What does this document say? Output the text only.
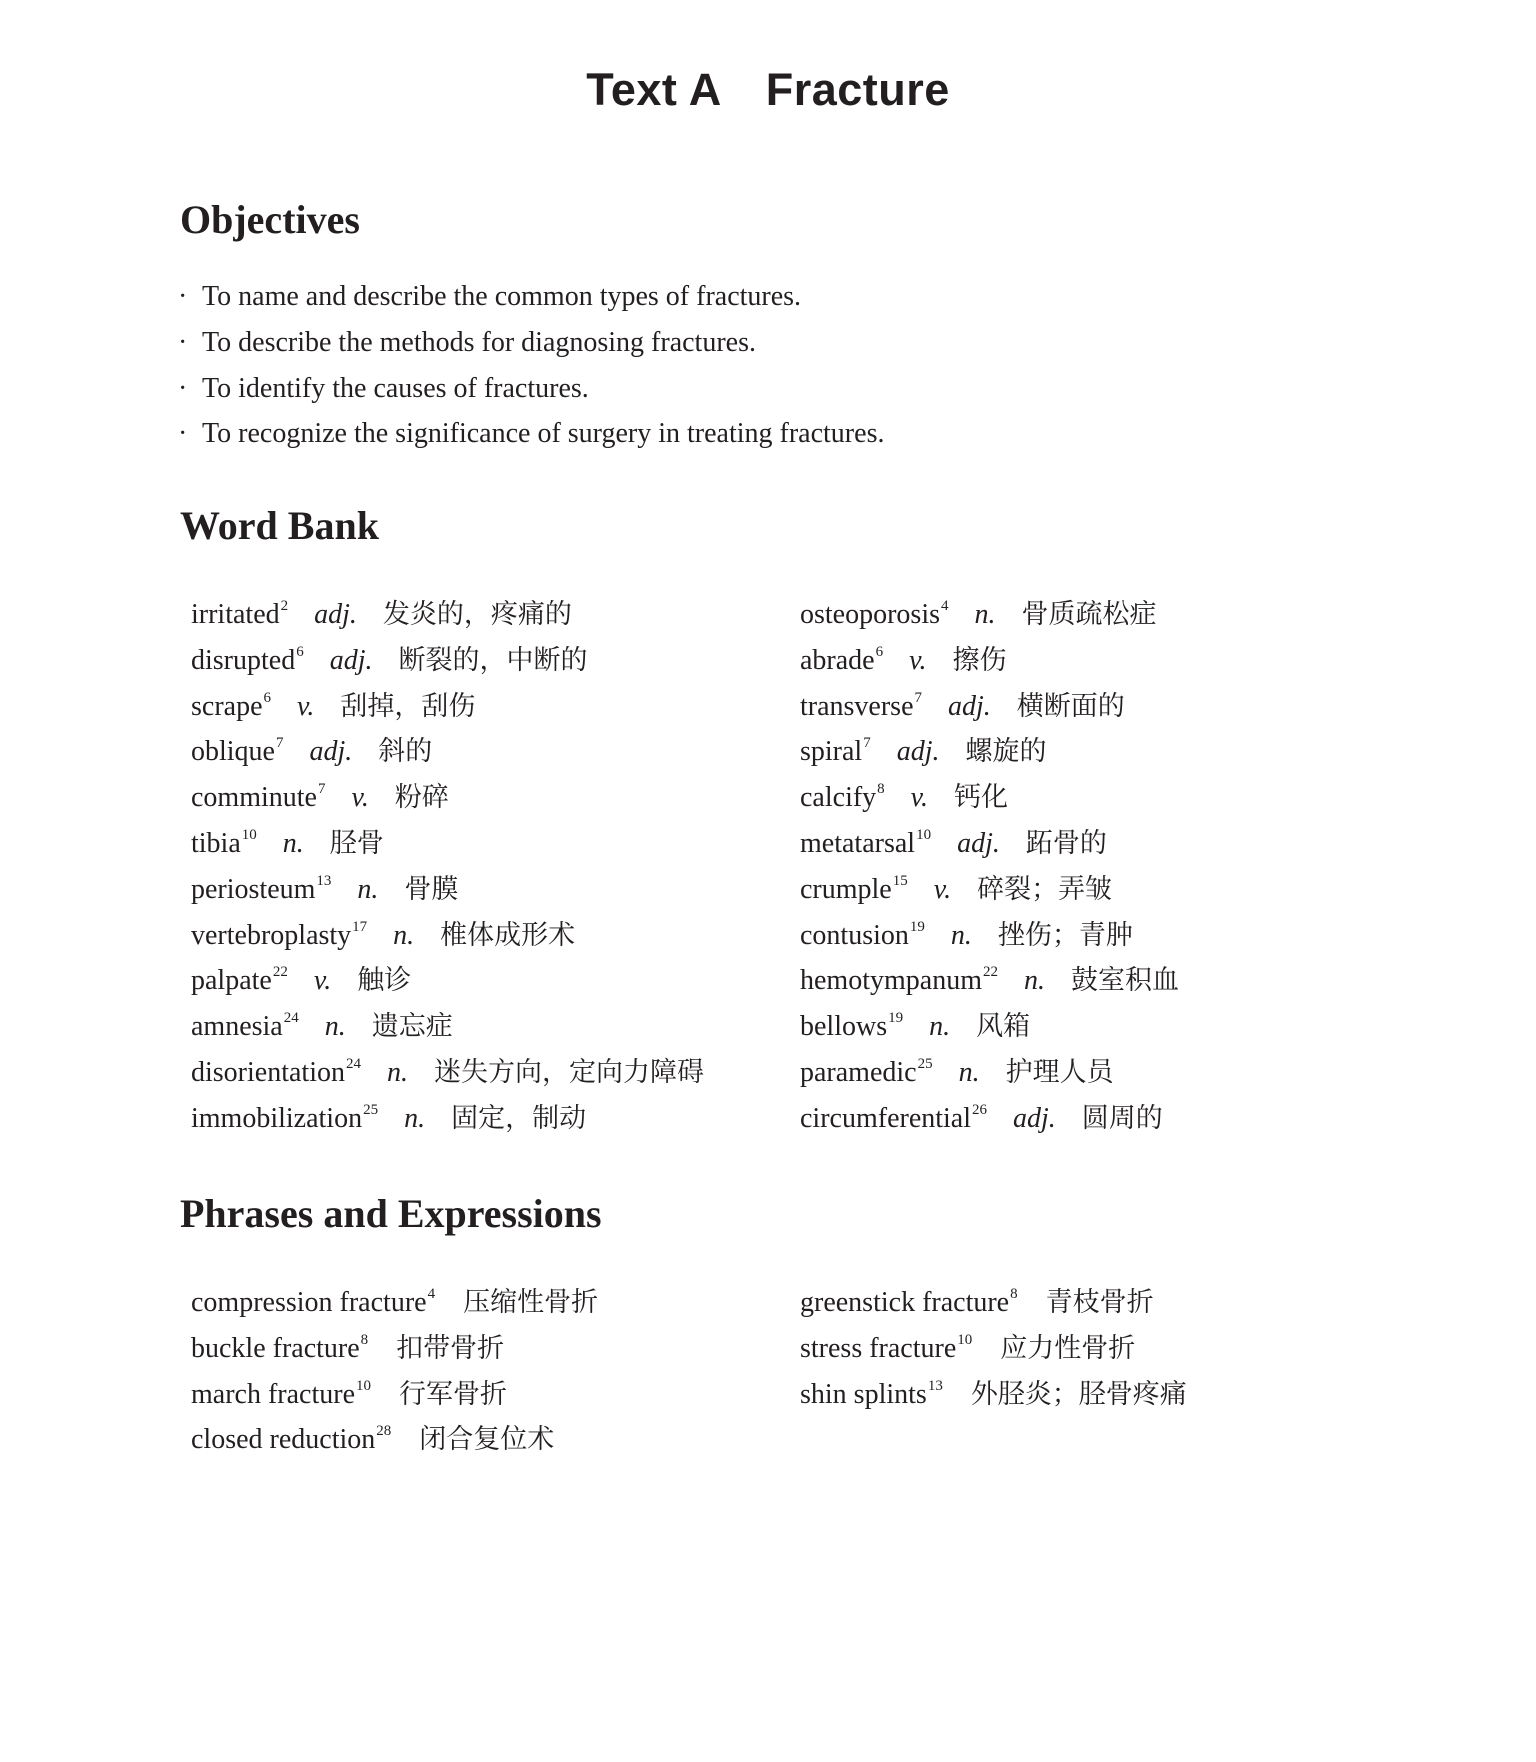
Text A Fracture
Objectives
· To name and describe the common types of fractures.
· To describe the methods for diagnosing fractures.
· To identify the causes of fractures.
· To recognize the significance of surgery in treating fractures.
Word Bank
irritated$^2$ adj. 发炎的，疼痛的
disrupted$^6$ adj. 断裂的，中断的
scrape$^6$ v. 刮掉，刮伤
oblique$^7$ adj. 斜的
comminute$^7$ v. 粉碎
tibia$^{10}$ n. 胫骨
periosteum$^{13}$ n. 骨膜
vertebroplasty$^{17}$ n. 椎体成形术
palpate$^{22}$ v. 触诊
amnesia$^{24}$ n. 遗忘症
disorientation$^{24}$ n. 迷失方向，定向力障碍
immobilization$^{25}$ n. 固定，制动
osteoporosis$^4$ n. 骨质疏松症
abrade$^6$ v. 擦伤
transverse$^7$ adj. 横断面的
spiral$^7$ adj. 螺旋的
calcify$^8$ v. 钙化
metatarsal$^{10}$ adj. 跖骨的
crumple$^{15}$ v. 碎裂；弄皱
contusion$^{19}$ n. 挫伤；青肿
hemotympanum$^{22}$ n. 鼓室积血
bellows$^{19}$ n. 风箱
paramedic$^{25}$ n. 护理人员
circumferential$^{26}$ adj. 圆周的
Phrases and Expressions
compression fracture$^4$ 压缩性骨折
buckle fracture$^8$ 扣带骨折
march fracture$^{10}$ 行军骨折
closed reduction$^{28}$ 闭合复位术
greenstick fracture$^8$ 青枝骨折
stress fracture$^{10}$ 应力性骨折
shin splints$^{13}$ 外胫炎；胫骨疼痛
